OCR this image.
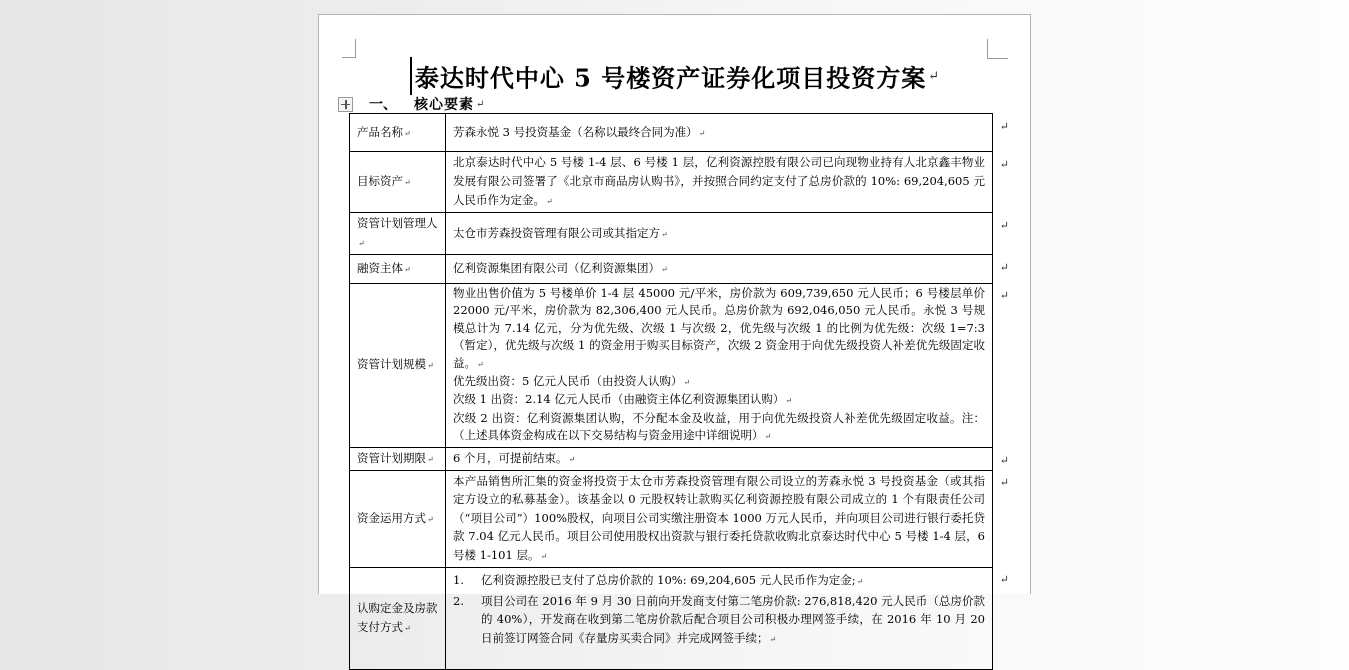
泰达时代中心 5 号楼资产证券化项目投资方案 ↵
一、 核心要素 ↵
产品名称↵	芳森永悦 3 号投资基金（名称以最终合同为准）↵ ↵

目标资产↵	北京泰达时代中心 5 号楼 1-4 层、6 号楼 1 层，亿利资源控股有限公司已向现物业持有人北京鑫丰物业发展有限公司签署了《北京市商品房认购书》，并按照合同约定支付了总房价款的 10%: 69,204,605 元人民币作为定金。↵
↵

资管计划管理人↵	太仓市芳森投资管理有限公司或其指定方↵
↵

融资主体↵	亿利资源集团有限公司（亿利资源集团）↵ ↵

资管计划规模↵	物业出售价值为 5 号楼单价 1-4 层 45000 元/平米，房价款为 609,739,650 元人民币；6 号楼层单价 22000 元/平米，房价款为 82,306,400 元人民币。总房价款为 692,046,050 元人民币。永悦 3 号规模总计为 7.14 亿元，分为优先级、次级 1 与次级 2，优先级与次级 1 的比例为优先级：次级 1=7:3（暂定），优先级与次级 1 的资金用于购买目标资产，次级 2 资金用于向优先级投资人补差优先级固定收益。↵
优先级出资：5 亿元人民币（由投资人认购）↵
次级 1 出资：2.14 亿元人民币（由融资主体亿利资源集团认购）↵
次级 2 出资：亿利资源集团认购，不分配本金及收益，用于向优先级投资人补差优先级固定收益。注：（上述具体资金构成在以下交易结构与资金用途中详细说明）↵
↵

资管计划期限↵	6 个月，可提前结束。↵ ↵

资金运用方式↵	本产品销售所汇集的资金将投资于太仓市芳森投资管理有限公司设立的芳森永悦 3 号投资基金（或其指定方设立的私募基金）。该基金以 0 元股权转让款购买亿利资源控股有限公司成立的 1 个有限责任公司（“项目公司”）100%股权，向项目公司实缴注册资本 1000 万元人民币，并向项目公司进行银行委托贷款 7.04 亿元人民币。项目公司使用股权出资款与银行委托贷款收购北京泰达时代中心 5 号楼 1-4 层，6 号楼 1-101 层。↵
↵

认购定金及房款支付方式↵	1. 亿利资源控股已支付了总房价款的 10%: 69,204,605 元人民币作为定金;↵
2. 项目公司在 2016 年 9 月 30 日前向开发商支付第二笔房价款: 276,818,420 元人民币（总房价款的 40%），开发商在收到第二笔房价款后配合项目公司积极办理网签手续，在 2016 年 10 月 20 日前签订网签合同《存量房买卖合同》并完成网签手续；↵
↵
